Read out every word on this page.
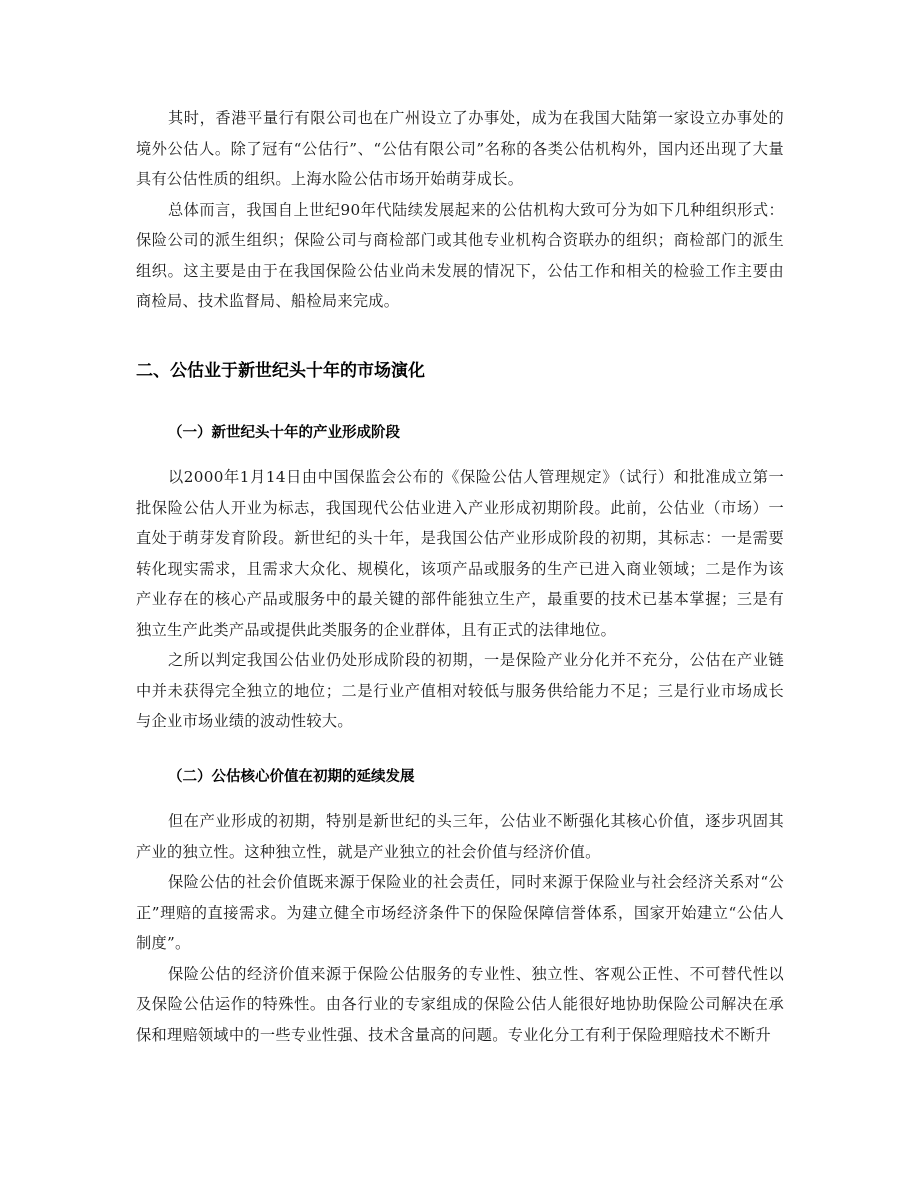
其时，香港平量行有限公司也在广州设立了办事处，成为在我国大陆第一家设立办事处的境外公估人。除了冠有“公估行”、“公估有限公司”名称的各类公估机构外，国内还出现了大量具有公估性质的组织。上海水险公估市场开始萌芽成长。

总体而言，我国自上世纪90年代陆续发展起来的公估机构大致可分为如下几种组织形式：保险公司的派生组织；保险公司与商检部门或其他专业机构合资联办的组织；商检部门的派生组织。这主要是由于在我国保险公估业尚未发展的情况下，公估工作和相关的检验工作主要由商检局、技术监督局、船检局来完成。

二、公估业于新世纪头十年的市场演化
（一）新世纪头十年的产业形成阶段

以2000年1月14日由中国保监会公布的《保险公估人管理规定》（试行）和批准成立第一批保险公估人开业为标志，我国现代公估业进入产业形成初期阶段。此前，公估业（市场）一直处于萌芽发育阶段。新世纪的头十年，是我国公估产业形成阶段的初期，其标志：一是需要转化现实需求，且需求大众化、规模化，该项产品或服务的生产已进入商业领域；二是作为该产业存在的核心产品或服务中的最关键的部件能独立生产，最重要的技术已基本掌握；三是有独立生产此类产品或提供此类服务的企业群体，且有正式的法律地位。

之所以判定我国公估业仍处形成阶段的初期，一是保险产业分化并不充分，公估在产业链中并未获得完全独立的地位；二是行业产值相对较低与服务供给能力不足；三是行业市场成长与企业市场业绩的波动性较大。

（二）公估核心价值在初期的延续发展

但在产业形成的初期，特别是新世纪的头三年，公估业不断强化其核心价值，逐步巩固其产业的独立性。这种独立性，就是产业独立的社会价值与经济价值。

保险公估的社会价值既来源于保险业的社会责任，同时来源于保险业与社会经济关系对“公正”理赔的直接需求。为建立健全市场经济条件下的保险保障信誉体系，国家开始建立“公估人制度”。

保险公估的经济价值来源于保险公估服务的专业性、独立性、客观公正性、不可替代性以及保险公估运作的特殊性。由各行业的专家组成的保险公估人能很好地协助保险公司解决在承保和理赔领域中的一些专业性强、技术含量高的问题。专业化分工有利于保险理赔技术不断升
